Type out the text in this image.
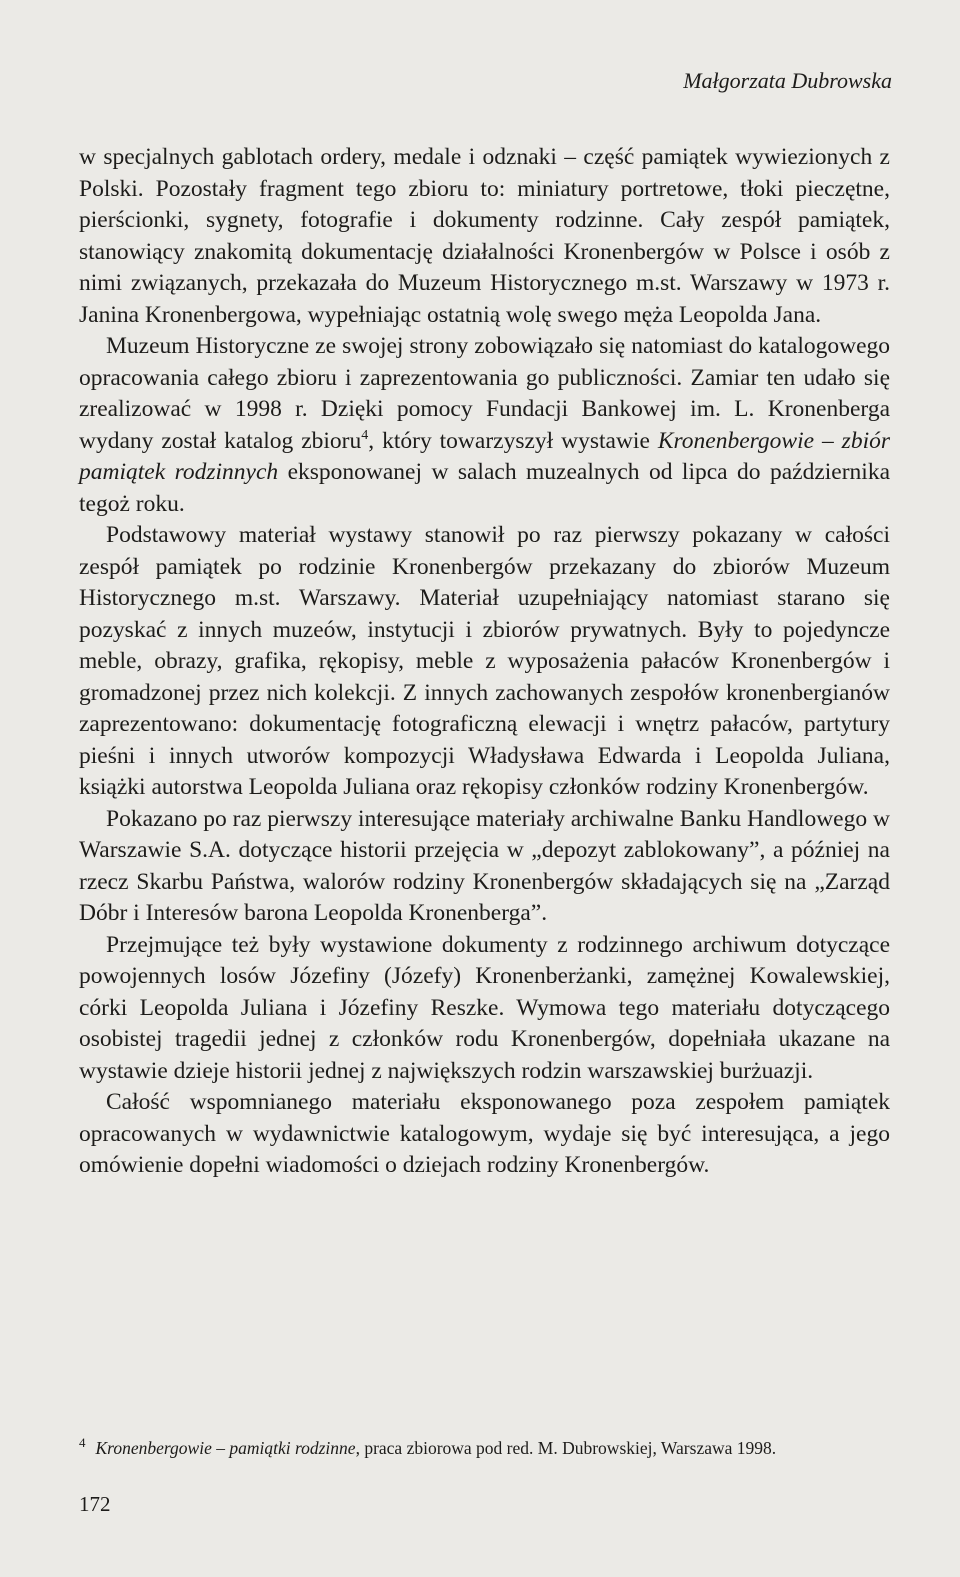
Małgorzata Dubrowska

w specjalnych gablotach ordery, medale i odznaki – część pamiątek wywiezionych z Polski. Pozostały fragment tego zbioru to: miniatury portretowe, tłoki pieczętne, pierścionki, sygnety, fotografie i dokumenty rodzinne. Cały zespół pamiątek, stanowiący znakomitą dokumentację działalności Kronenbergów w Polsce i osób z nimi związanych, przekazała do Muzeum Historycznego m.st. Warszawy w 1973 r. Janina Kronenbergowa, wypełniając ostatnią wolę swego męża Leopolda Jana.

Muzeum Historyczne ze swojej strony zobowiązało się natomiast do katalogowego opracowania całego zbioru i zaprezentowania go publiczności. Zamiar ten udało się zrealizować w 1998 r. Dzięki pomocy Fundacji Bankowej im. L. Kronenberga wydany został katalog zbioru$^4$, który towarzyszył wystawie Kronenbergowie – zbiór pamiątek rodzinnych eksponowanej w salach muzealnych od lipca do października tegoż roku.

Podstawowy materiał wystawy stanowił po raz pierwszy pokazany w całości zespół pamiątek po rodzinie Kronenbergów przekazany do zbiorów Muzeum Historycznego m.st. Warszawy. Materiał uzupełniający natomiast starano się pozyskać z innych muzeów, instytucji i zbiorów prywatnych. Były to pojedyncze meble, obrazy, grafika, rękopisy, meble z wyposażenia pałaców Kronenbergów i gromadzonej przez nich kolekcji. Z innych zachowanych zespołów kronenbergianów zaprezentowano: dokumentację fotograficzną elewacji i wnętrz pałaców, partytury pieśni i innych utworów kompozycji Władysława Edwarda i Leopolda Juliana, książki autorstwa Leopolda Juliana oraz rękopisy członków rodziny Kronenbergów.

Pokazano po raz pierwszy interesujące materiały archiwalne Banku Handlowego w Warszawie S.A. dotyczące historii przejęcia w „depozyt zablokowany”, a później na rzecz Skarbu Państwa, walorów rodziny Kronenbergów składających się na „Zarząd Dóbr i Interesów barona Leopolda Kronenberga”.

Przejmujące też były wystawione dokumenty z rodzinnego archiwum dotyczące powojennych losów Józefiny (Józefy) Kronenberżanki, zamężnej Kowalewskiej, córki Leopolda Juliana i Józefiny Reszke. Wymowa tego materiału dotyczącego osobistej tragedii jednej z członków rodu Kronenbergów, dopełniała ukazane na wystawie dzieje historii jednej z największych rodzin warszawskiej burżuazji.

Całość wspomnianego materiału eksponowanego poza zespołem pamiątek opracowanych w wydawnictwie katalogowym, wydaje się być interesująca, a jego omówienie dopełni wiadomości o dziejach rodziny Kronenbergów.

$^4$ Kronenbergowie – pamiątki rodzinne, praca zbiorowa pod red. M. Dubrowskiej, Warszawa 1998.
172
